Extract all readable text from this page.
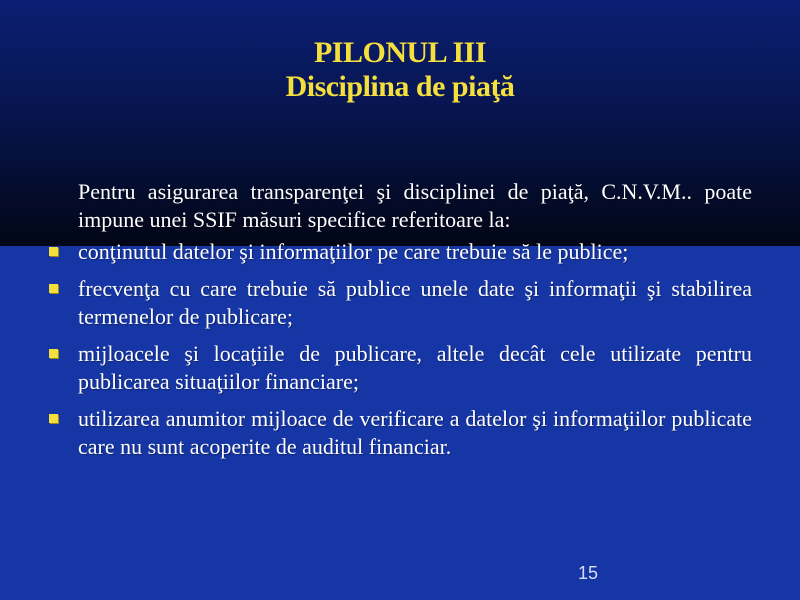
PILONUL III
Disciplina de piaţă

Pentru asigurarea transparenţei şi disciplinei de piaţă, C.N.V.M.. poate impune unei SSIF măsuri specifice referitoare la:

conţinutul datelor şi informaţiilor pe care trebuie să le publice;
frecvenţa cu care trebuie să publice unele date şi informaţii şi stabilirea termenelor de publicare;
mijloacele şi locaţiile de publicare, altele decât cele utilizate pentru publicarea situaţiilor financiare;
utilizarea anumitor mijloace de verificare a datelor şi informaţiilor publicate care nu sunt acoperite de auditul financiar.
15
